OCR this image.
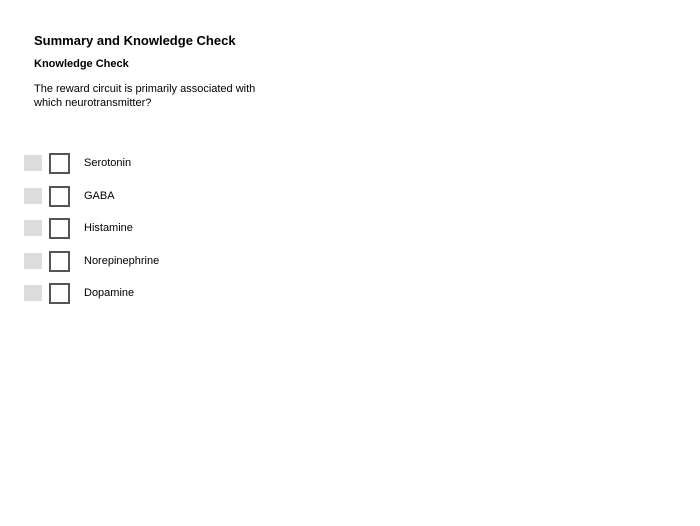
Summary and Knowledge Check
Knowledge Check
The reward circuit is primarily associated with which neurotransmitter?
Serotonin
GABA
Histamine
Norepinephrine
Dopamine
